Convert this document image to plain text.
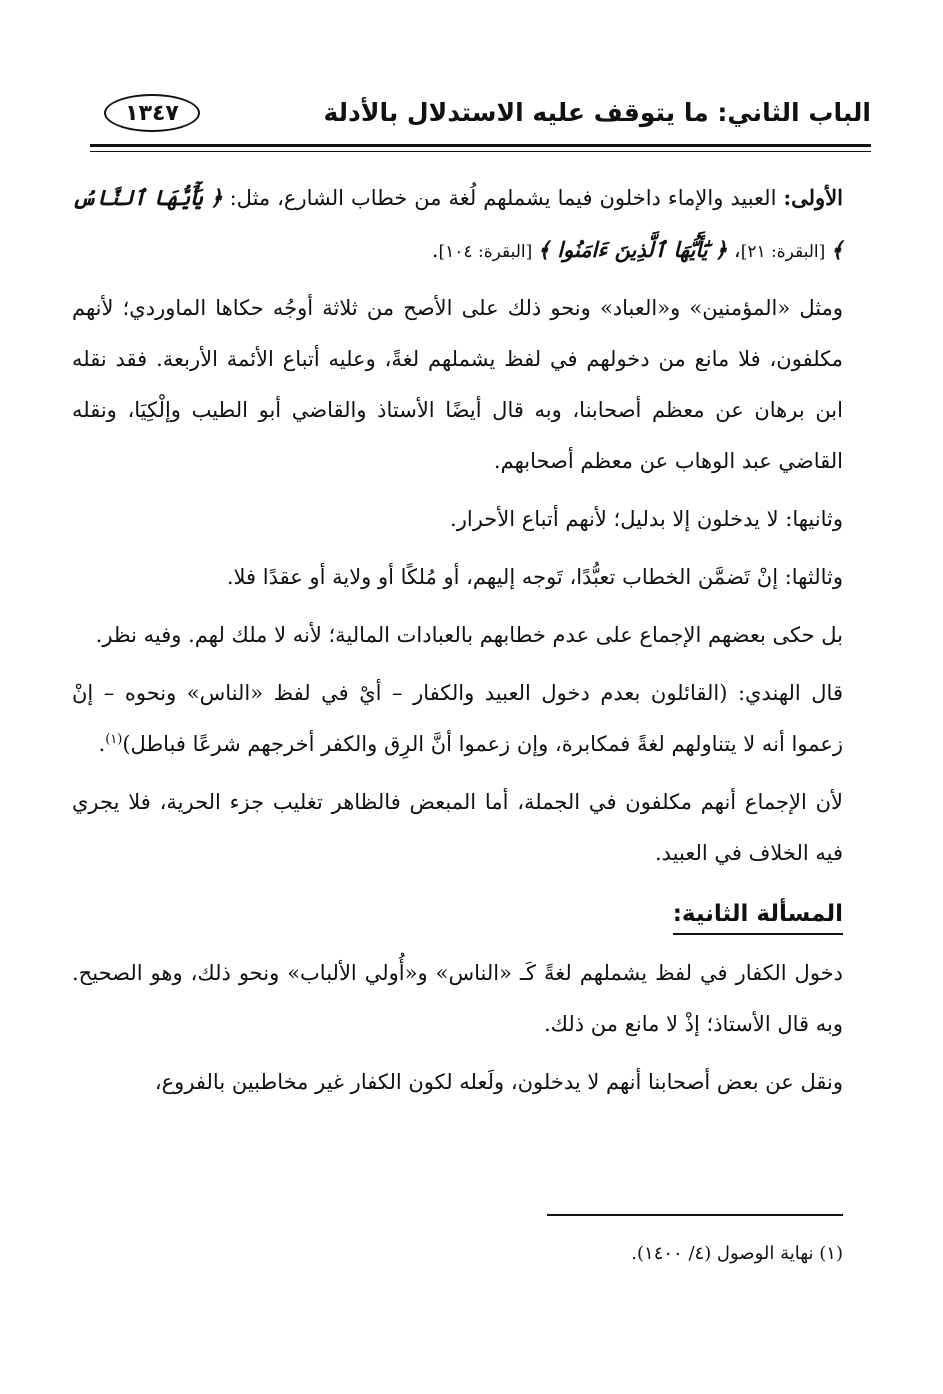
الباب الثاني: ما يتوقف عليه الاستدلال بالأدلة
١٣٤٧

الأولى: العبيد والإماء داخلون فيما يشملهم لُغة من خطاب الشارع، مثل: ﴿ يَٰٓأَيُّهَا ٱلنَّاسُ ﴾ [البقرة: ٢١]، ﴿ يَٰٓأَيُّهَا ٱلَّذِينَ ءَامَنُوا ﴾ [البقرة: ١٠٤].

ومثل «المؤمنين» و«العباد» ونحو ذلك على الأصح من ثلاثة أوجُه حكاها الماوردي؛ لأنهم مكلفون، فلا مانع من دخولهم في لفظ يشملهم لغةً، وعليه أتباع الأئمة الأربعة. فقد نقله ابن برهان عن معظم أصحابنا، وبه قال أيضًا الأستاذ والقاضي أبو الطيب وإلْكِيَا، ونقله القاضي عبد الوهاب عن معظم أصحابهم.

وثانيها: لا يدخلون إلا بدليل؛ لأنهم أتباع الأحرار.

وثالثها: إنْ تَضمَّن الخطاب تعبُّدًا، تَوجه إليهم، أو مُلكًا أو ولاية أو عقدًا فلا.

بل حكى بعضهم الإجماع على عدم خطابهم بالعبادات المالية؛ لأنه لا ملك لهم. وفيه نظر.

قال الهندي: (القائلون بعدم دخول العبيد والكفار – أيْ في لفظ «الناس» ونحوه – إنْ زعموا أنه لا يتناولهم لغةً فمكابرة، وإن زعموا أنَّ الرِق والكفر أخرجهم شرعًا فباطل)$^{(١)}$.

لأن الإجماع أنهم مكلفون في الجملة، أما المبعض فالظاهر تغليب جزء الحرية، فلا يجري فيه الخلاف في العبيد.

المسألة الثانية:

دخول الكفار في لفظ يشملهم لغةً كَـ «الناس» و«أُولي الألباب» ونحو ذلك، وهو الصحيح. وبه قال الأستاذ؛ إذْ لا مانع من ذلك.

ونقل عن بعض أصحابنا أنهم لا يدخلون، ولَعله لكون الكفار غير مخاطبين بالفروع،

(١) نهاية الوصول (٤/ ١٤٠٠).
